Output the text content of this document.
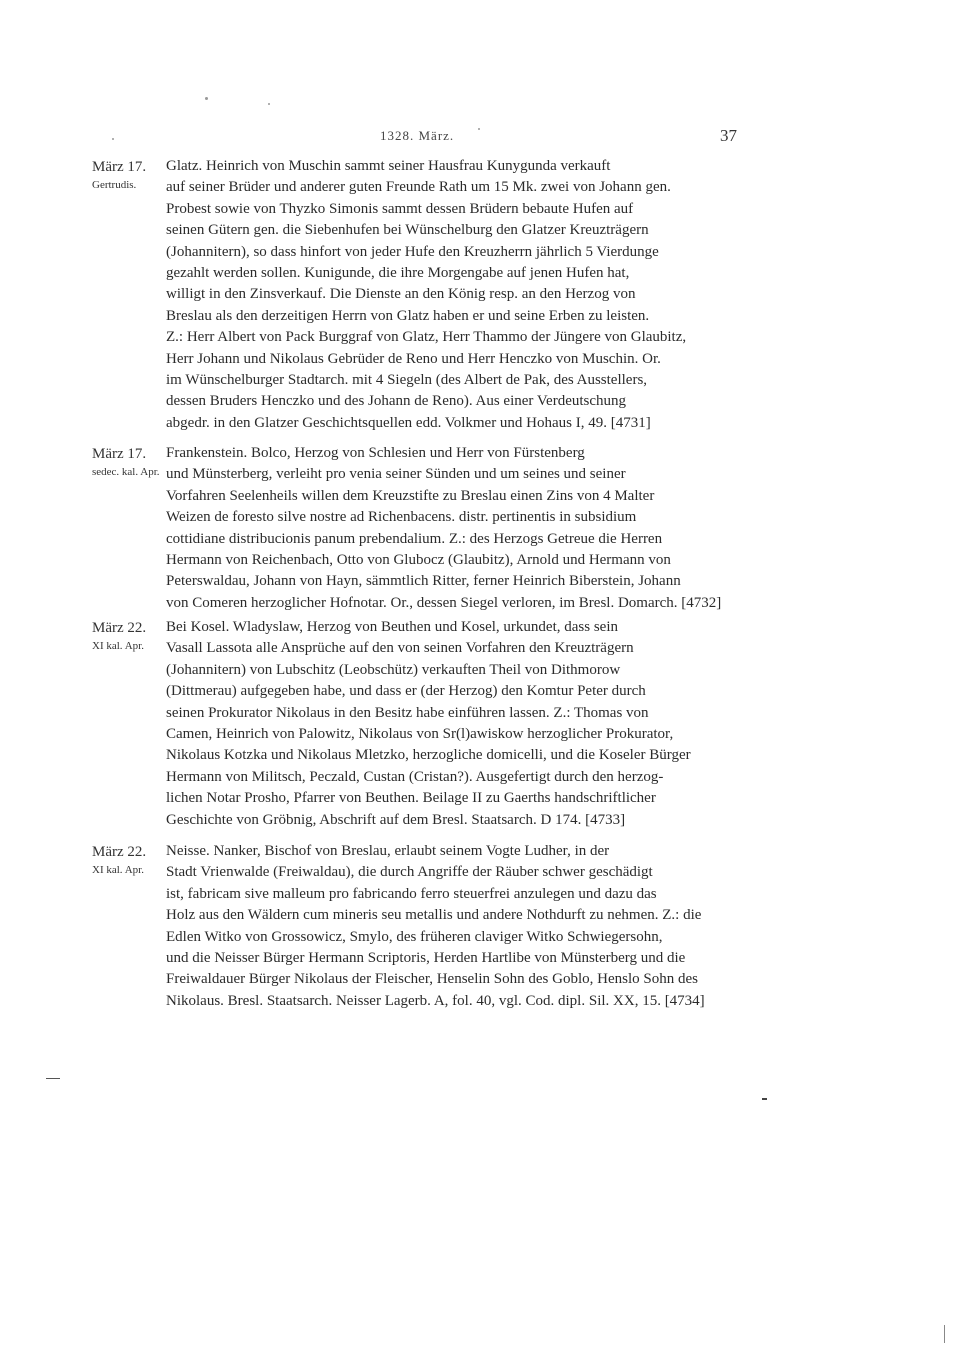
1328. März.	37
März 17.
Gertrudis.
Glatz. Heinrich von Muschin sammt seiner Hausfrau Kunygunda verkauft
auf seiner Brüder und anderer guten Freunde Rath um 15 Mk. zwei von Johann gen.
Probest sowie von Thyzko Simonis sammt dessen Brüdern bebaute Hufen auf
seinen Gütern gen. die Siebenhufen bei Wünschelburg den Glatzer Kreuzträgern
(Johannitern), so dass hinfort von jeder Hufe den Kreuzherrn jährlich 5 Vierdunge
gezahlt werden sollen. Kunigunde, die ihre Morgengabe auf jenen Hufen hat,
willigt in den Zinsverkauf. Die Dienste an den König resp. an den Herzog von
Breslau als den derzeitigen Herrn von Glatz haben er und seine Erben zu leisten.
Z.: Herr Albert von Pack Burggraf von Glatz, Herr Thammo der Jüngere von Glaubitz,
Herr Johann und Nikolaus Gebrüder de Reno und Herr Henczko von Muschin. Or.
im Wünschelburger Stadtarch. mit 4 Siegeln (des Albert de Pak, des Ausstellers,
dessen Bruders Henczko und des Johann de Reno). Aus einer Verdeutschung
abgedr. in den Glatzer Geschichtsquellen edd. Volkmer und Hohaus I, 49. [4731]
März 17.
sedec. kal. Apr.
Frankenstein. Bolco, Herzog von Schlesien und Herr von Fürstenberg
und Münsterberg, verleiht pro venia seiner Sünden und um seines und seiner
Vorfahren Seelenheils willen dem Kreuzstifte zu Breslau einen Zins von 4 Malter
Weizen de foresto silve nostre ad Richenbacens. distr. pertinentis in subsidium
cottidiane distribucionis panum prebendalium. Z.: des Herzogs Getreue die Herren
Hermann von Reichenbach, Otto von Glubocz (Glaubitz), Arnold und Hermann von
Peterswaldau, Johann von Hayn, sämmtlich Ritter, ferner Heinrich Biberstein, Johann
von Comeren herzoglicher Hofnotar. Or., dessen Siegel verloren, im Bresl. Domarch. [4732]
März 22.
XI kal. Apr.
Bei Kosel. Wladyslaw, Herzog von Beuthen und Kosel, urkundet, dass sein
Vasall Lassota alle Ansprüche auf den von seinen Vorfahren den Kreuzträgern
(Johannitern) von Lubschitz (Leobschütz) verkauften Theil von Dithmorow
(Dittmerau) aufgegeben habe, und dass er (der Herzog) den Komtur Peter durch
seinen Prokurator Nikolaus in den Besitz habe einführen lassen. Z.: Thomas von
Camen, Heinrich von Palowitz, Nikolaus von Sr(l)awiskow herzoglicher Prokurator,
Nikolaus Kotzka und Nikolaus Mletzko, herzogliche domicelli, und die Koseler Bürger
Hermann von Militsch, Peczald, Custan (Cristan?). Ausgefertigt durch den herzog-
lichen Notar Prosho, Pfarrer von Beuthen. Beilage II zu Gaerths handschriftlicher
Geschichte von Gröbnig, Abschrift auf dem Bresl. Staatsarch. D 174. [4733]
März 22.
XI kal. Apr.
Neisse. Nanker, Bischof von Breslau, erlaubt seinem Vogte Ludher, in der
Stadt Vrienwalde (Freiwaldau), die durch Angriffe der Räuber schwer geschädigt
ist, fabricam sive malleum pro fabricando ferro steuerfrei anzulegen und dazu das
Holz aus den Wäldern cum mineris seu metallis und andere Nothdurft zu nehmen. Z.: die
Edlen Witko von Grossowicz, Smylo, des früheren claviger Witko Schwiegersohn,
und die Neisser Bürger Hermann Scriptoris, Herden Hartlibe von Münsterberg und die
Freiwaldauer Bürger Nikolaus der Fleischer, Henselin Sohn des Goblo, Henslo Sohn des
Nikolaus. Bresl. Staatsarch. Neisser Lagerb. A, fol. 40, vgl. Cod. dipl. Sil. XX, 15. [4734]
